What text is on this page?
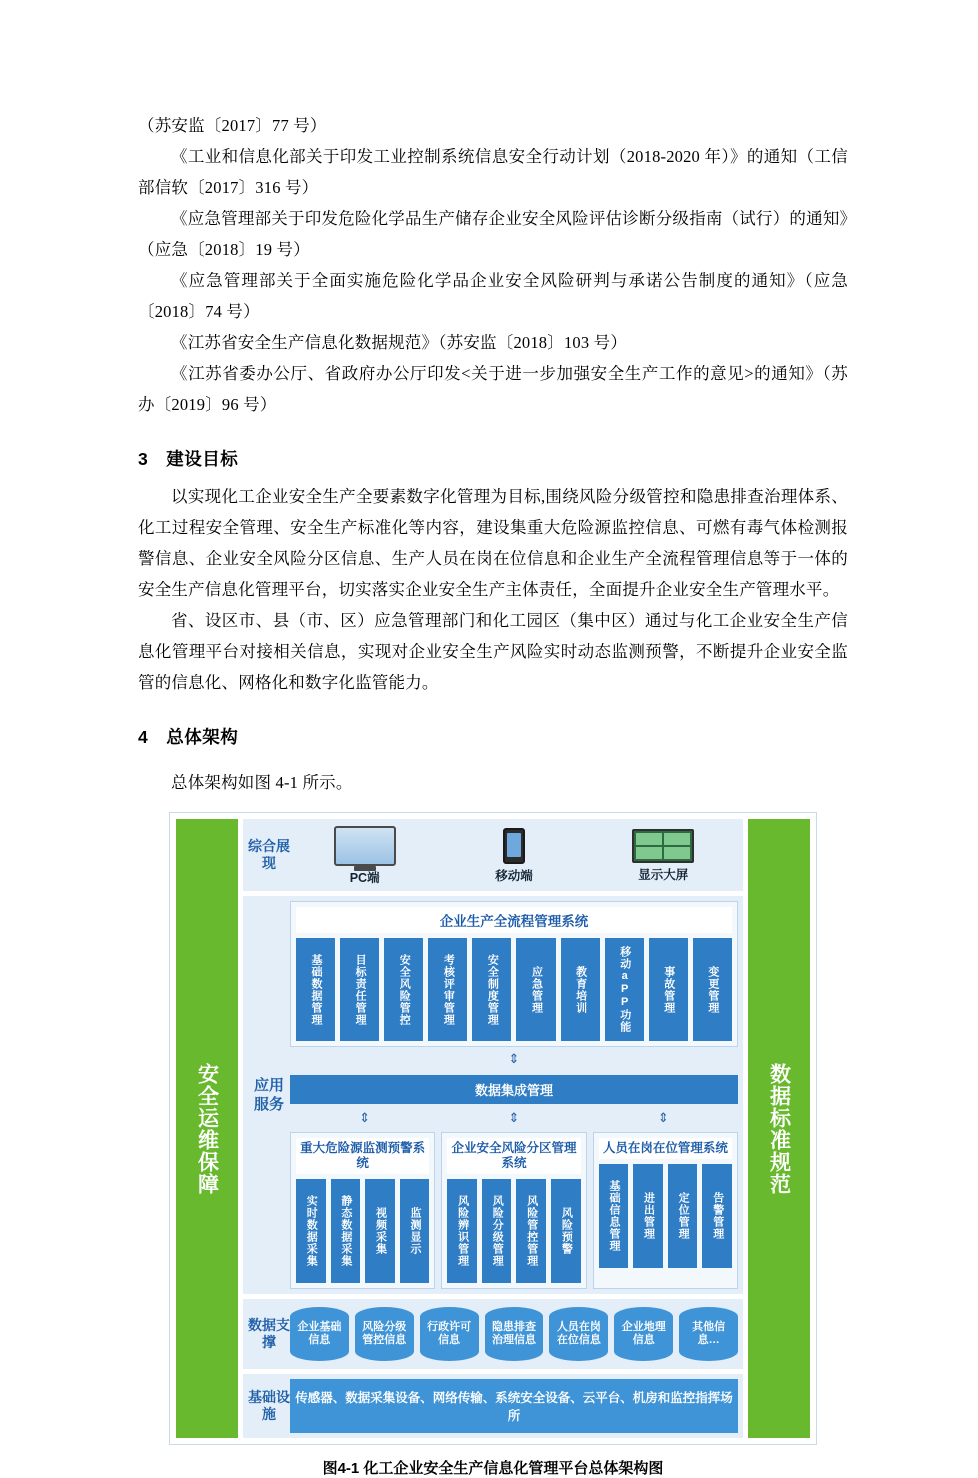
（苏安监〔2017〕77 号）

《工业和信息化部关于印发工业控制系统信息安全行动计划（2018-2020 年）》的通知（工信部信软〔2017〕316 号）

《应急管理部关于印发危险化学品生产储存企业安全风险评估诊断分级指南（试行）的通知》（应急〔2018〕19 号）

《应急管理部关于全面实施危险化学品企业安全风险研判与承诺公告制度的通知》（应急〔2018〕74 号）

《江苏省安全生产信息化数据规范》（苏安监〔2018〕103 号）

《江苏省委办公厅、省政府办公厅印发<关于进一步加强安全生产工作的意见>的通知》（苏办〔2019〕96 号）

3 建设目标

以实现化工企业安全生产全要素数字化管理为目标,围绕风险分级管控和隐患排查治理体系、化工过程安全管理、安全生产标准化等内容，建设集重大危险源监控信息、可燃有毒气体检测报警信息、企业安全风险分区信息、生产人员在岗在位信息和企业生产全流程管理信息等于一体的安全生产信息化管理平台，切实落实企业安全生产主体责任，全面提升企业安全生产管理水平。

省、设区市、县（市、区）应急管理部门和化工园区（集中区）通过与化工企业安全生产信息化管理平台对接相关信息，实现对企业安全生产风险实时动态监测预警，不断提升企业安全监管的信息化、网格化和数字化监管能力。

4 总体架构

总体架构如图 4-1 所示。

安全运维保障
综合展现
PC端	移动端	显示大屏
应用服务
企业生产全流程管理系统
基础数据管理	目标责任管理	安全风险管控	考核评审管理	安全制度管理	应急管理	教育培训	移动aPP功能	事故管理	变更管理
⇕
数据集成管理
⇕	⇕	⇕
重大危险源监测预警系统
实时数据采集	静态数据采集	视频采集	监测显示
企业安全风险分区管理系统
风险辨识管理	风险分级管理	风险管控管理	风险预警
人员在岗在位管理系统
基础信息管理	进出管理	定位管理	告警管理
数据支撑
企业基础信息
风险分级管控信息
行政许可信息
隐患排查治理信息
人员在岗在位信息
企业地理信息
其他信息…
基础设施
传感器、数据采集设备、网络传输、系统安全设备、云平台、机房和监控指挥场所
数据标准规范
图4-1 化工企业安全生产信息化管理平台总体架构图
